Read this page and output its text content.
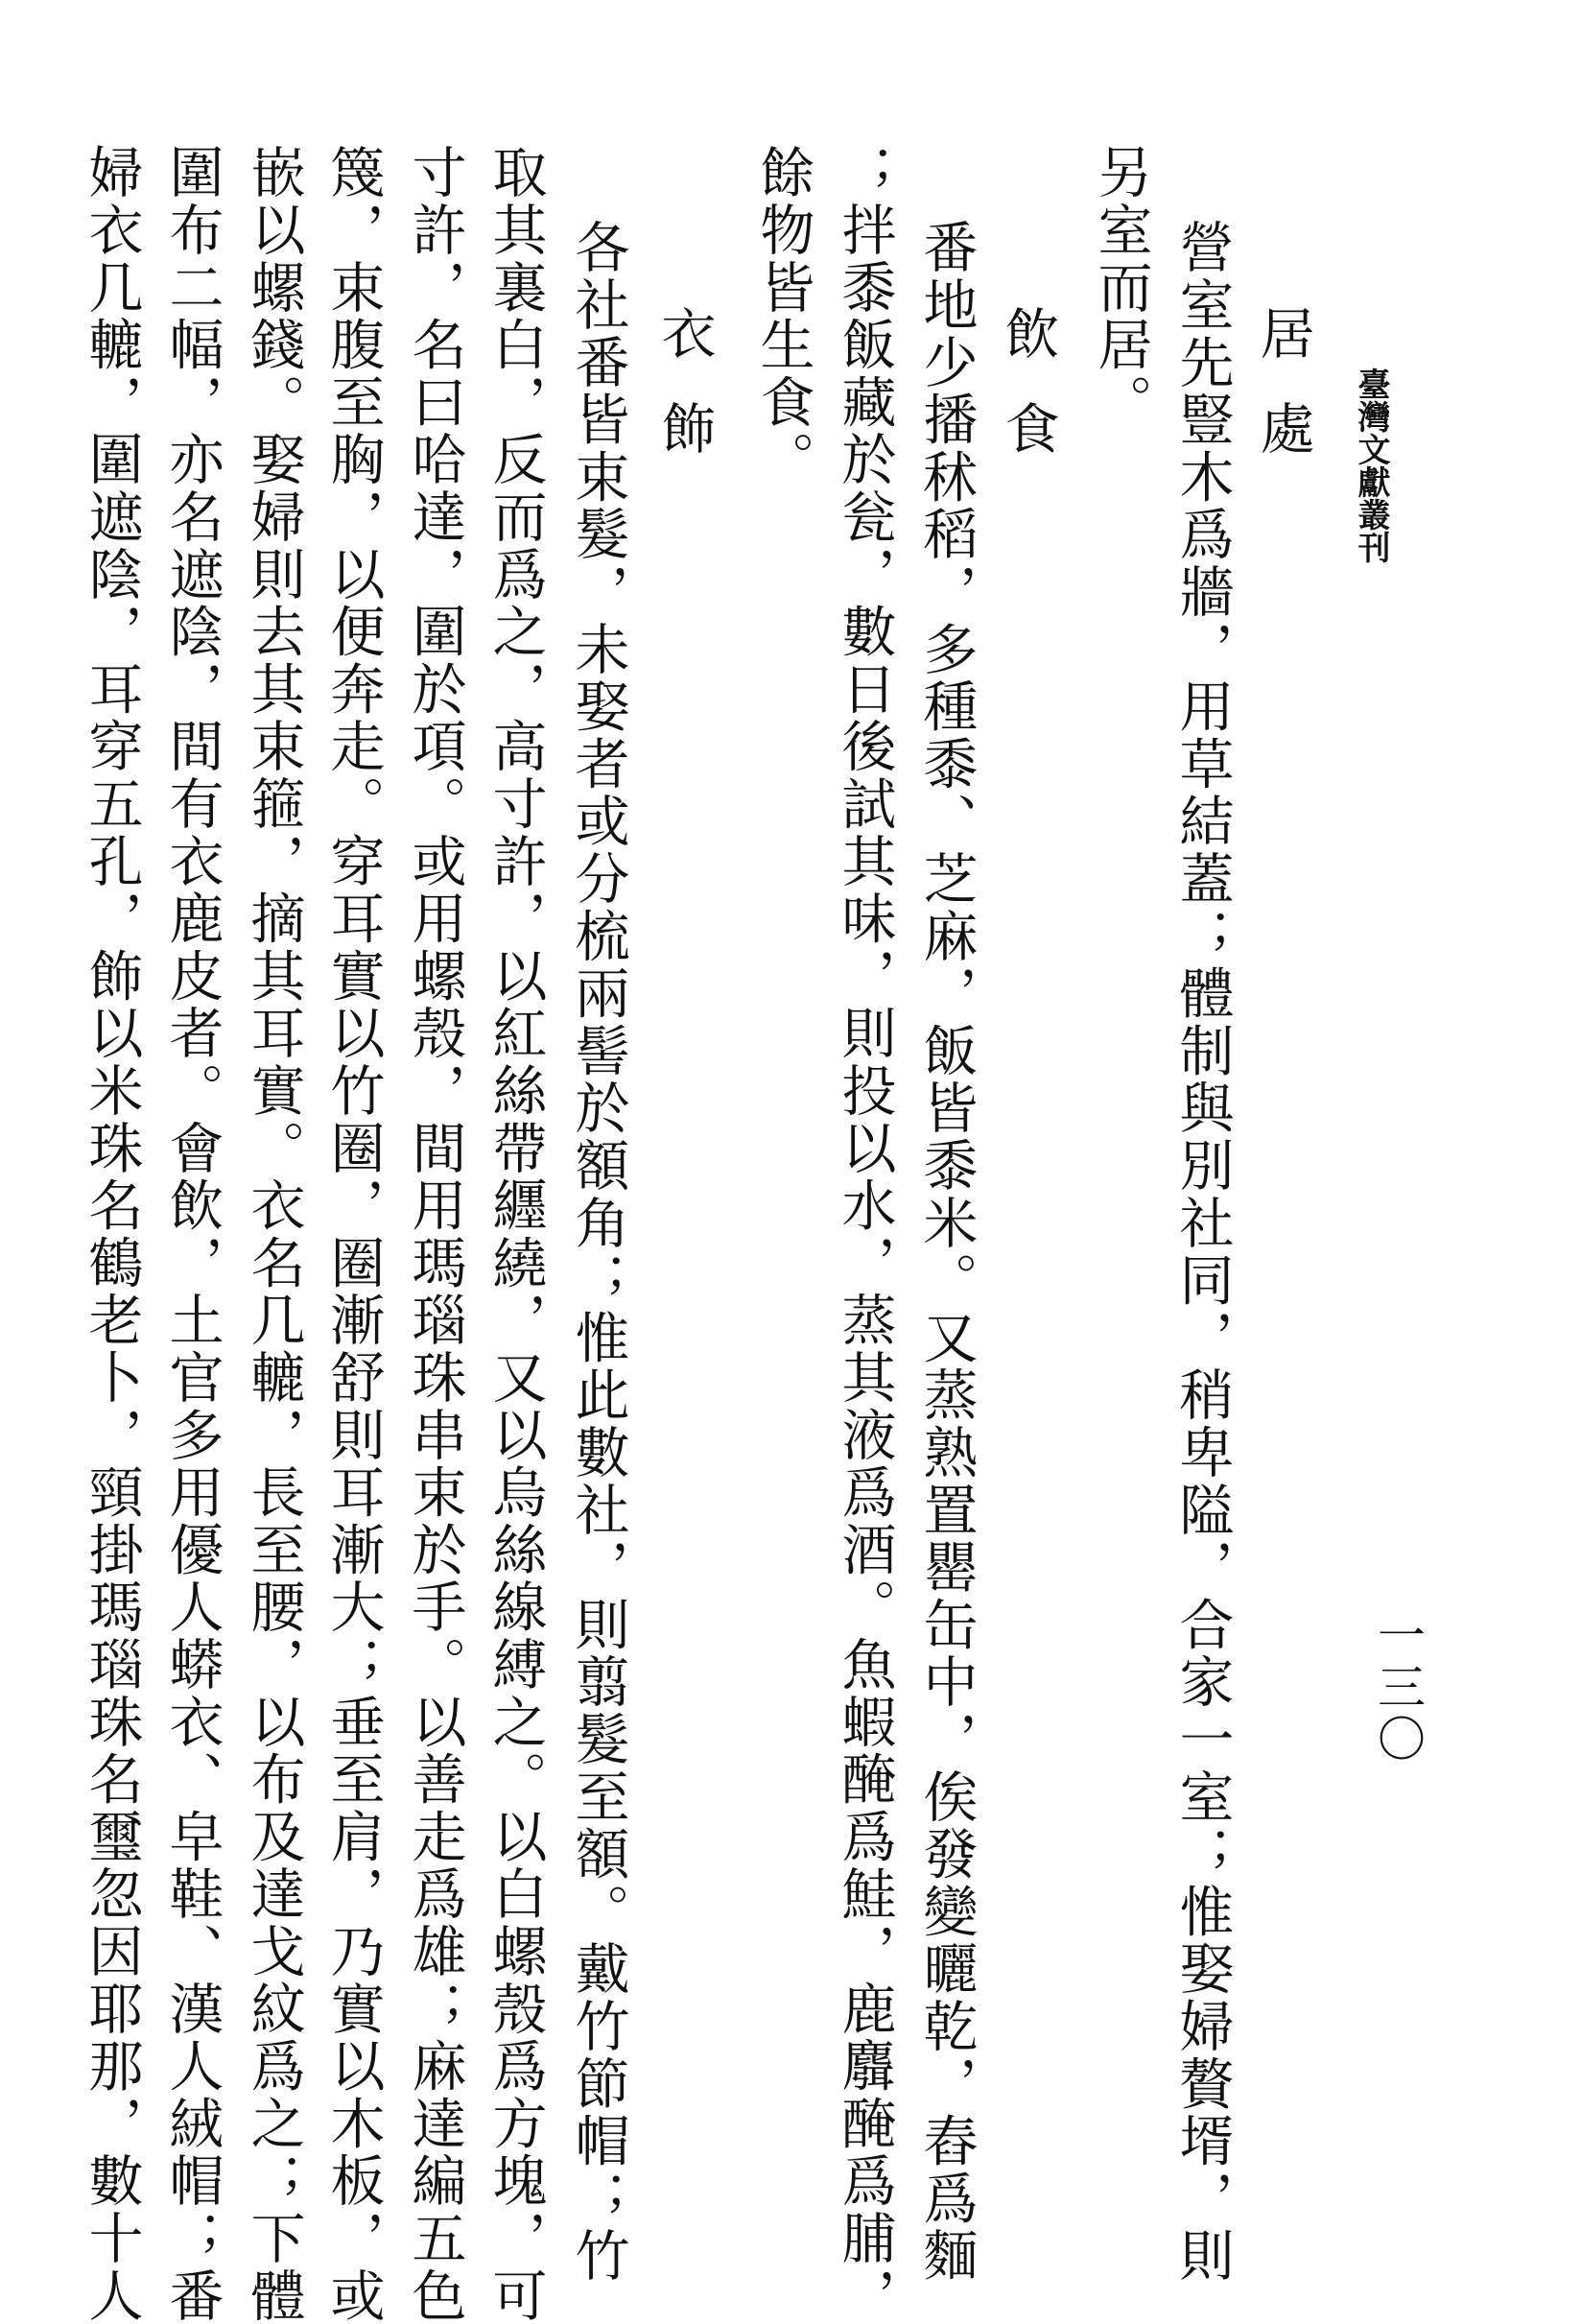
臺灣文獻叢刊
一三〇
居處
營室先豎木爲牆，用草結蓋；體制與別社同，稍卑隘，合家一室；惟娶婦贅壻，則
另室而居。
飲食
番地少播秫稻，多種黍、芝麻，飯皆黍米。又蒸熟置罌缶中，俟發變曬乾，舂爲麵
；拌黍飯藏於瓮，數日後試其味，則投以水，蒸其液爲酒。魚蝦醃爲鮭，鹿麛醃爲脯，
餘物皆生食。
衣飾
各社番皆束髮，未娶者或分梳兩髻於額角；惟此數社，則翦髮至額。戴竹節帽；竹
取其裏白，反而爲之，高寸許，以紅絲帶纒繞，又以烏絲線縛之。以白螺殼爲方塊，可
寸許，名曰哈達，圍於項。或用螺殼，間用瑪瑙珠串束於手。以善走爲雄；麻達編五色
篾，束腹至胸，以便奔走。穿耳實以竹圈，圈漸舒則耳漸大；垂至肩，乃實以木板，或
嵌以螺錢。娶婦則去其束箍，摘其耳實。衣名几轆，長至腰，以布及達戈紋爲之；下體
圍布二幅，亦名遮陰，間有衣鹿皮者。會飲，土官多用優人蟒衣、皁鞋、漢人絨帽；番
婦衣几轆，圍遮陰，耳穿五孔，飾以米珠名鶴老卜，頸掛瑪瑙珠名璽忽因耶那，數十人
